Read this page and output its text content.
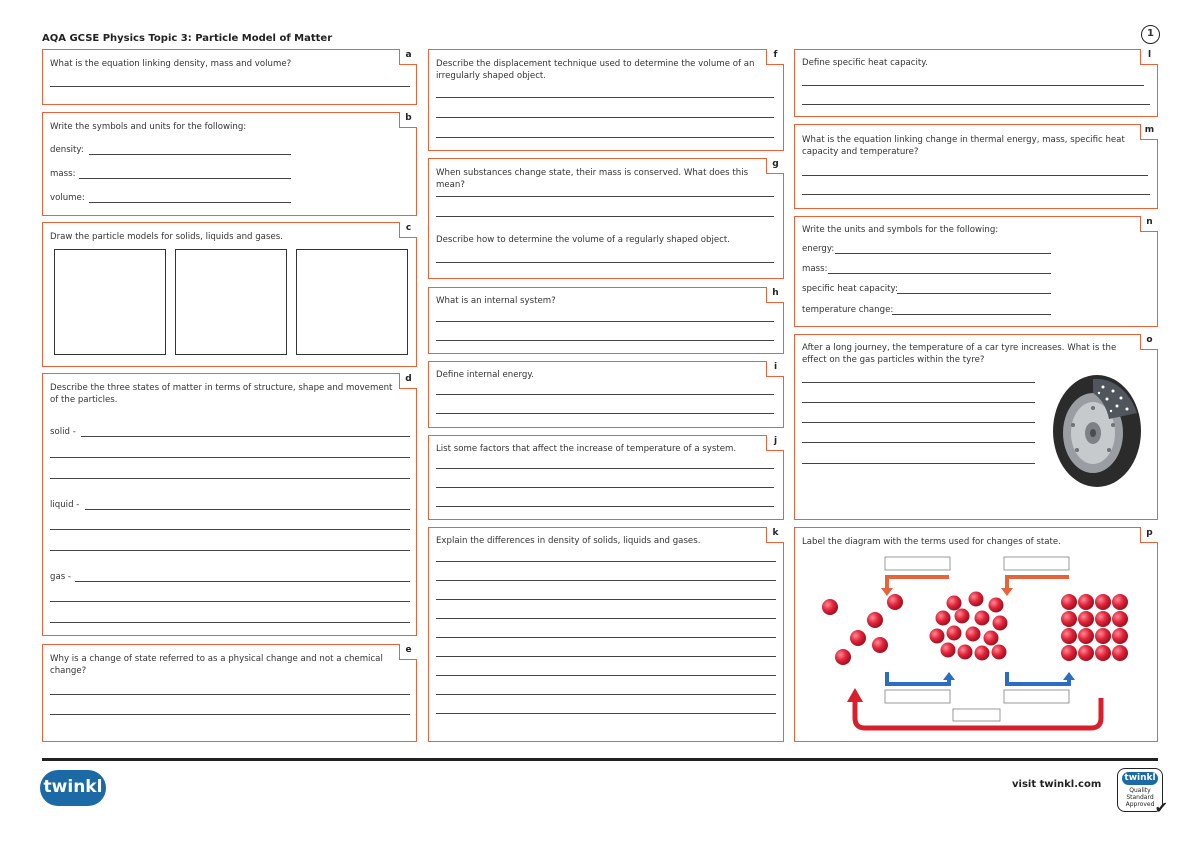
AQA GCSE Physics Topic 3: Particle Model of Matter	1
a
What is the equation linking density, mass and volume?
b
Write the symbols and units for the following:
density:
mass:
volume:
c
Draw the particle models for solids, liquids and gases.
d
Describe the three states of matter in terms of structure, shape and movement of the particles.
solid -
liquid -
gas -
e
Why is a change of state referred to as a physical change and not a chemical change?
f
Describe the displacement technique used to determine the volume of an irregularly shaped object.
g
When substances change state, their mass is conserved. What does this mean?
Describe how to determine the volume of a regularly shaped object.
h
What is an internal system?
i
Define internal energy.
j
List some factors that affect the increase of temperature of a system.
k
Explain the differences in density of solids, liquids and gases.
l
Define specific heat capacity.
m
What is the equation linking change in thermal energy, mass, specific heat capacity and temperature?
n
Write the units and symbols for the following:
energy:
mass:
specific heat capacity:
temperature change:
o
After a long journey, the temperature of a car tyre increases. What is the effect on the gas particles within the tyre?
p
Label the diagram with the terms used for changes of state.
twinkl	visit twinkl.com
twinkl
Quality Standard
Approved ✔
